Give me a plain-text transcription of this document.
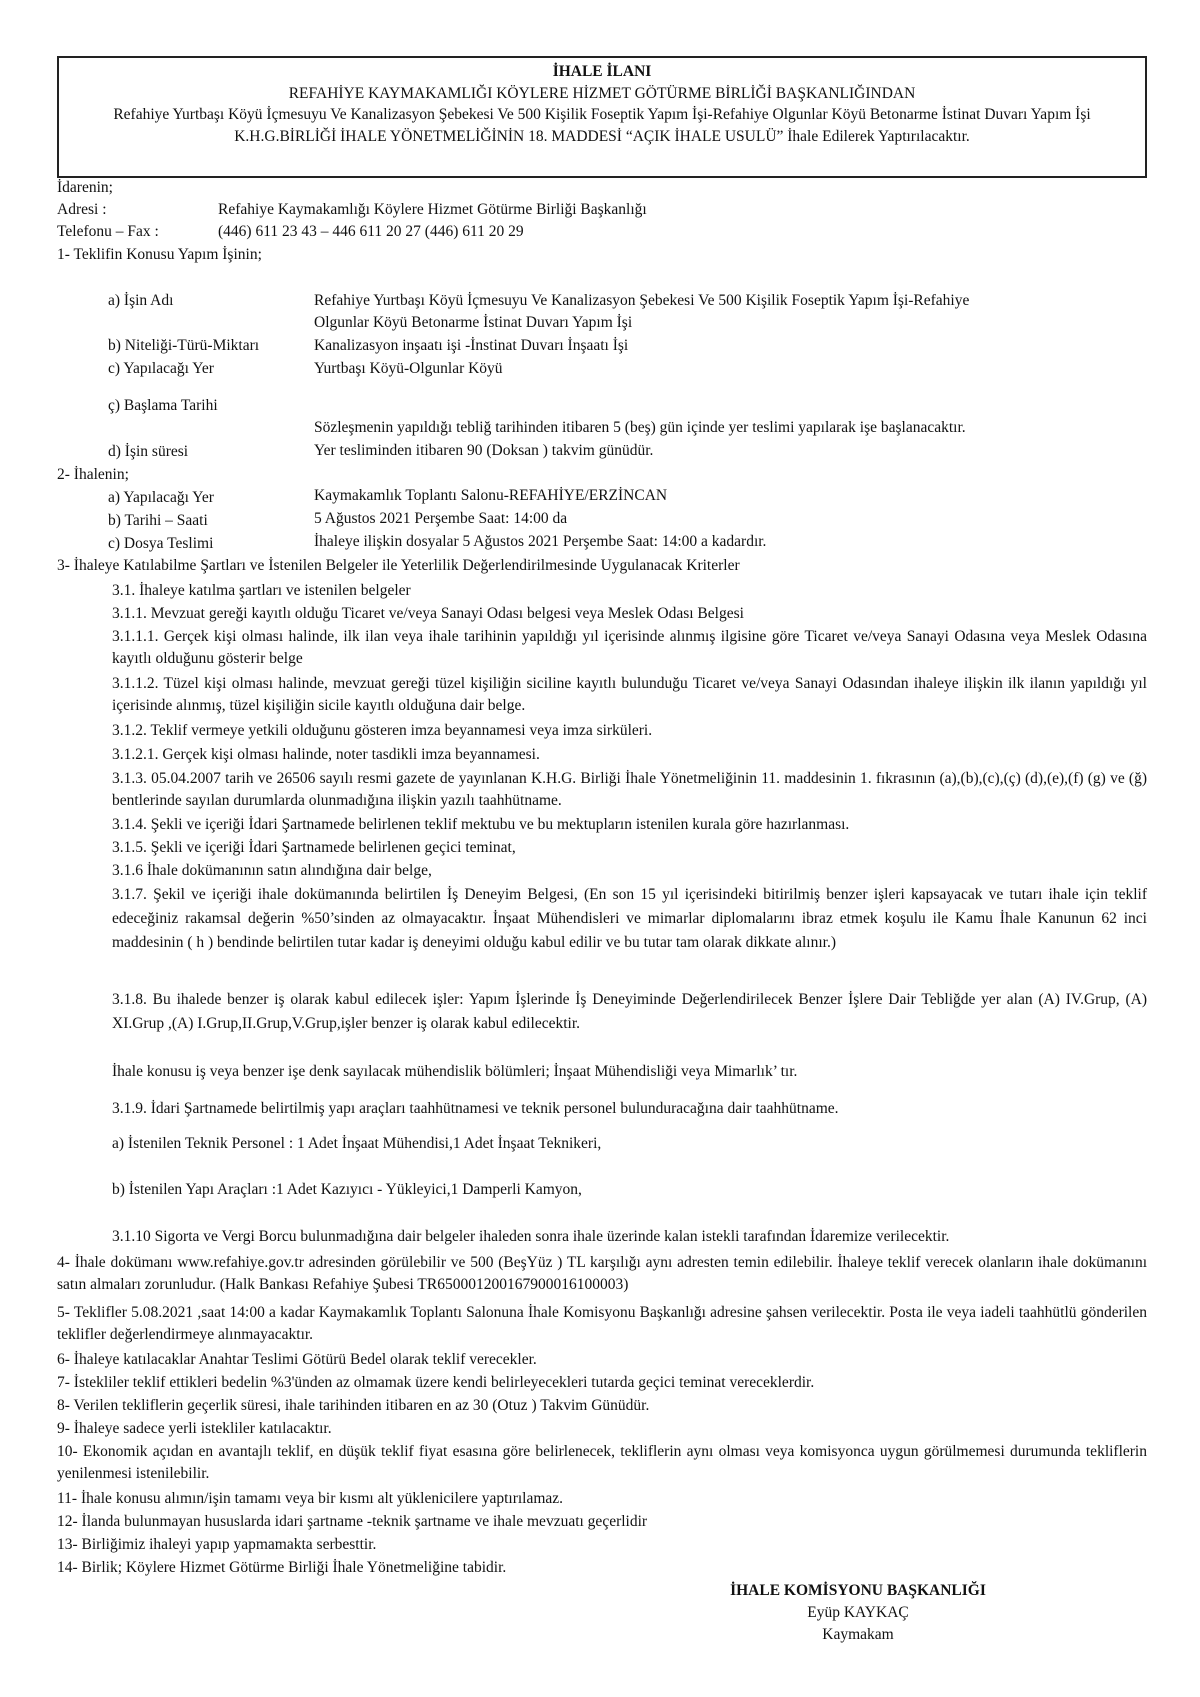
İHALE İLANI
REFAHİYE KAYMAKAMLIĞI KÖYLERE HİZMET GÖTÜRME BİRLİĞİ BAŞKANLIĞINDAN
Refahiye Yurtbaşı Köyü İçmesuyu Ve Kanalizasyon Şebekesi Ve 500 Kişilik Foseptik Yapım İşi-Refahiye Olgunlar Köyü Betonarme İstinat Duvarı Yapım İşi
K.H.G.BİRLİĞİ İHALE YÖNETMELİĞİNİN 18. MADDESİ “AÇIK İHALE USULÜ” İhale Edilerek Yaptırılacaktır.
İdarenin;
Adresi :	Refahiye Kaymakamlığı Köylere Hizmet Götürme Birliği Başkanlığı
Telefonu – Fax :	(446) 611 23 43 – 446 611 20 27 (446) 611 20 29
1- Teklifin Konusu Yapım İşinin;
a) İşin Adı	Refahiye Yurtbaşı Köyü İçmesuyu Ve Kanalizasyon Şebekesi Ve 500 Kişilik Foseptik Yapım İşi-Refahiye
Olgunlar Köyü Betonarme İstinat Duvarı Yapım İşi
b) Niteliği-Türü-Miktarı	Kanalizasyon inşaatı işi -İnstinat Duvarı İnşaatı İşi
c) Yapılacağı Yer	Yurtbaşı Köyü-Olgunlar Köyü
ç) Başlama Tarihi
Sözleşmenin yapıldığı tebliğ tarihinden itibaren 5 (beş) gün içinde yer teslimi yapılarak işe başlanacaktır.
d) İşin süresi	Yer tesliminden itibaren 90 (Doksan ) takvim günüdür.
2- İhalenin;
a) Yapılacağı Yer	Kaymakamlık Toplantı Salonu-REFAHİYE/ERZİNCAN
b) Tarihi – Saati	5 Ağustos 2021 Perşembe Saat: 14:00 da
c) Dosya Teslimi	İhaleye ilişkin dosyalar 5 Ağustos 2021 Perşembe Saat: 14:00 a kadardır.
3- İhaleye Katılabilme Şartları ve İstenilen Belgeler ile Yeterlilik Değerlendirilmesinde Uygulanacak Kriterler
3.1. İhaleye katılma şartları ve istenilen belgeler
3.1.1. Mevzuat gereği kayıtlı olduğu Ticaret ve/veya Sanayi Odası belgesi veya Meslek Odası Belgesi
3.1.1.1. Gerçek kişi olması halinde, ilk ilan veya ihale tarihinin yapıldığı yıl içerisinde alınmış ilgisine göre Ticaret ve/veya Sanayi Odasına veya Meslek Odasına kayıtlı olduğunu gösterir belge
3.1.1.2. Tüzel kişi olması halinde, mevzuat gereği tüzel kişiliğin siciline kayıtlı bulunduğu Ticaret ve/veya Sanayi Odasından ihaleye ilişkin ilk ilanın yapıldığı yıl içerisinde alınmış, tüzel kişiliğin sicile kayıtlı olduğuna dair belge.
3.1.2. Teklif vermeye yetkili olduğunu gösteren imza beyannamesi veya imza sirküleri.
3.1.2.1. Gerçek kişi olması halinde, noter tasdikli imza beyannamesi.
3.1.3. 05.04.2007 tarih ve 26506 sayılı resmi gazete de yayınlanan K.H.G. Birliği İhale Yönetmeliğinin 11. maddesinin 1. fıkrasının (a),(b),(c),(ç) (d),(e),(f) (g) ve (ğ) bentlerinde sayılan durumlarda olunmadığına ilişkin yazılı taahhütname.
3.1.4. Şekli ve içeriği İdari Şartnamede belirlenen teklif mektubu ve bu mektupların istenilen kurala göre hazırlanması.
3.1.5. Şekli ve içeriği İdari Şartnamede belirlenen geçici teminat,
3.1.6 İhale dokümanının satın alındığına dair belge,
3.1.7. Şekil ve içeriği ihale dokümanında belirtilen İş Deneyim Belgesi, (En son 15 yıl içerisindeki bitirilmiş benzer işleri kapsayacak ve tutarı ihale için teklif edeceğiniz rakamsal değerin %50’sinden az olmayacaktır. İnşaat Mühendisleri ve mimarlar diplomalarını ibraz etmek koşulu ile Kamu İhale Kanunun 62 inci maddesinin ( h ) bendinde belirtilen tutar kadar iş deneyimi olduğu kabul edilir ve bu tutar tam olarak dikkate alınır.)
3.1.8. Bu ihalede benzer iş olarak kabul edilecek işler: Yapım İşlerinde İş Deneyiminde Değerlendirilecek Benzer İşlere Dair Tebliğde yer alan (A) IV.Grup, (A) XI.Grup ,(A) I.Grup,II.Grup,V.Grup,işler benzer iş olarak kabul edilecektir.
İhale konusu iş veya benzer işe denk sayılacak mühendislik bölümleri; İnşaat Mühendisliği veya Mimarlık’ tır.
3.1.9. İdari Şartnamede belirtilmiş yapı araçları taahhütnamesi ve teknik personel bulunduracağına dair taahhütname.
a) İstenilen Teknik Personel : 1 Adet İnşaat Mühendisi,1 Adet İnşaat Teknikeri,
b) İstenilen Yapı Araçları :1 Adet Kazıyıcı - Yükleyici,1 Damperli Kamyon,
3.1.10 Sigorta ve Vergi Borcu bulunmadığına dair belgeler ihaleden sonra ihale üzerinde kalan istekli tarafından İdaremize verilecektir.
4- İhale dokümanı www.refahiye.gov.tr adresinden görülebilir ve 500 (BeşYüz ) TL karşılığı aynı adresten temin edilebilir. İhaleye teklif verecek olanların ihale dokümanını satın almaları zorunludur. (Halk Bankası Refahiye Şubesi TR650001200167900016100003)
5- Teklifler 5.08.2021 ,saat 14:00 a kadar Kaymakamlık Toplantı Salonuna İhale Komisyonu Başkanlığı adresine şahsen verilecektir. Posta ile veya iadeli taahhütlü gönderilen teklifler değerlendirmeye alınmayacaktır.
6- İhaleye katılacaklar Anahtar Teslimi Götürü Bedel olarak teklif verecekler.
7- İstekliler teklif ettikleri bedelin %3'ünden az olmamak üzere kendi belirleyecekleri tutarda geçici teminat vereceklerdir.
8- Verilen tekliflerin geçerlik süresi, ihale tarihinden itibaren en az 30 (Otuz ) Takvim Günüdür.
9- İhaleye sadece yerli istekliler katılacaktır.
10- Ekonomik açıdan en avantajlı teklif, en düşük teklif fiyat esasına göre belirlenecek, tekliflerin aynı olması veya komisyonca uygun görülmemesi durumunda tekliflerin yenilenmesi istenilebilir.
11- İhale konusu alımın/işin tamamı veya bir kısmı alt yüklenicilere yaptırılamaz.
12- İlanda bulunmayan hususlarda idari şartname -teknik şartname ve ihale mevzuatı geçerlidir
13- Birliğimiz ihaleyi yapıp yapmamakta serbesttir.
14- Birlik; Köylere Hizmet Götürme Birliği İhale Yönetmeliğine tabidir.
İHALE KOMİSYONU BAŞKANLIĞI
Eyüp KAYKAÇ
Kaymakam
